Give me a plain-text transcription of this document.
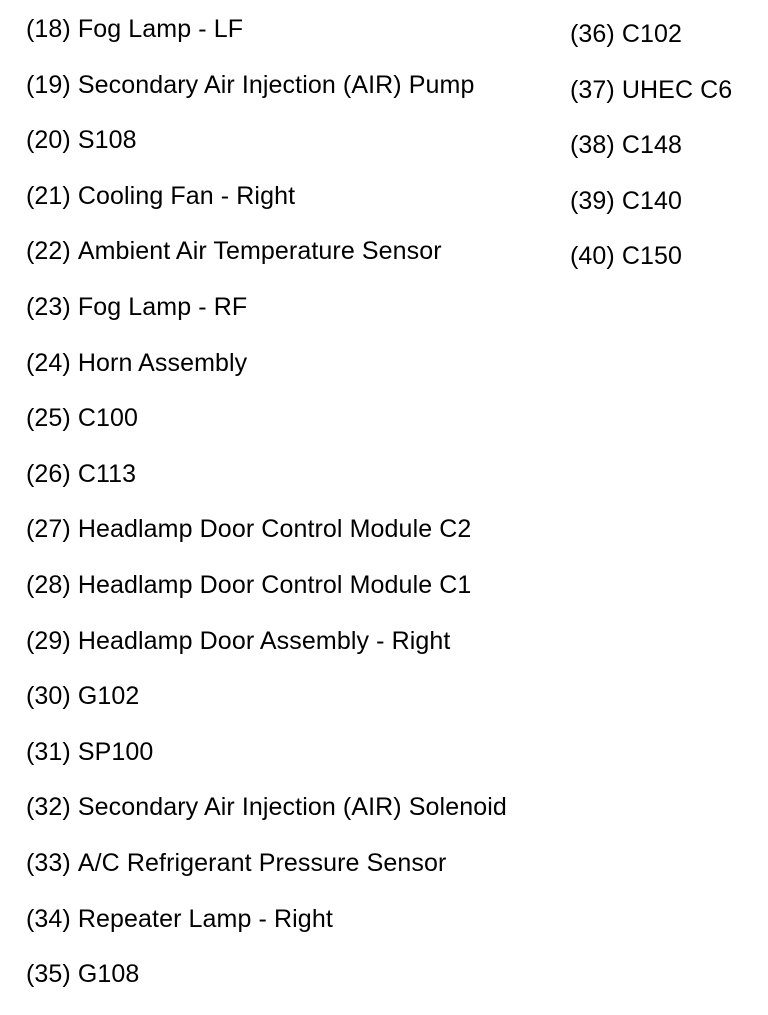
(18) Fog Lamp - LF
(19) Secondary Air Injection (AIR) Pump
(20) S108
(21) Cooling Fan - Right
(22) Ambient Air Temperature Sensor
(23) Fog Lamp - RF
(24) Horn Assembly
(25) C100
(26) C113
(27) Headlamp Door Control Module C2
(28) Headlamp Door Control Module C1
(29) Headlamp Door Assembly - Right
(30) G102
(31) SP100
(32) Secondary Air Injection (AIR) Solenoid
(33) A/C Refrigerant Pressure Sensor
(34) Repeater Lamp - Right
(35) G108
(36) C102
(37) UHEC C6
(38) C148
(39) C140
(40) C150
